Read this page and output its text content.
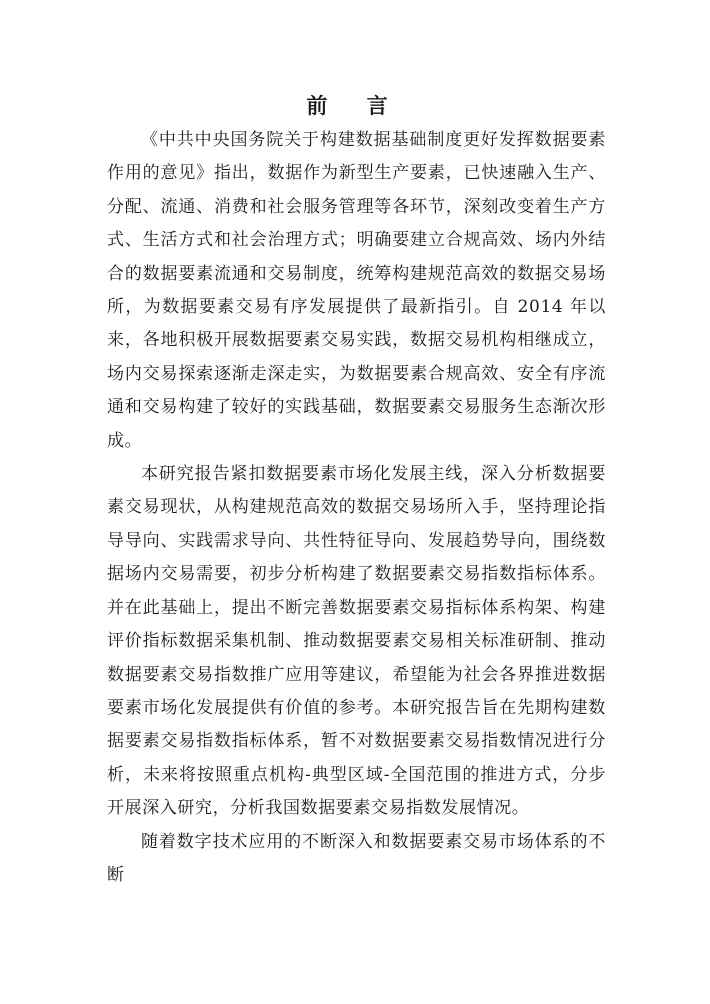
前 言

《中共中央国务院关于构建数据基础制度更好发挥数据要素作用的意见》指出，数据作为新型生产要素，已快速融入生产、分配、流通、消费和社会服务管理等各环节，深刻改变着生产方式、生活方式和社会治理方式；明确要建立合规高效、场内外结合的数据要素流通和交易制度，统筹构建规范高效的数据交易场所，为数据要素交易有序发展提供了最新指引。自 2014 年以来，各地积极开展数据要素交易实践，数据交易机构相继成立，场内交易探索逐渐走深走实，为数据要素合规高效、安全有序流通和交易构建了较好的实践基础，数据要素交易服务生态渐次形成。

本研究报告紧扣数据要素市场化发展主线，深入分析数据要素交易现状，从构建规范高效的数据交易场所入手，坚持理论指导导向、实践需求导向、共性特征导向、发展趋势导向，围绕数据场内交易需要，初步分析构建了数据要素交易指数指标体系。并在此基础上，提出不断完善数据要素交易指标体系构架、构建评价指标数据采集机制、推动数据要素交易相关标准研制、推动数据要素交易指数推广应用等建议，希望能为社会各界推进数据要素市场化发展提供有价值的参考。本研究报告旨在先期构建数据要素交易指数指标体系，暂不对数据要素交易指数情况进行分析，未来将按照重点机构-典型区域-全国范围的推进方式，分步开展深入研究，分析我国数据要素交易指数发展情况。

随着数字技术应用的不断深入和数据要素交易市场体系的不断
